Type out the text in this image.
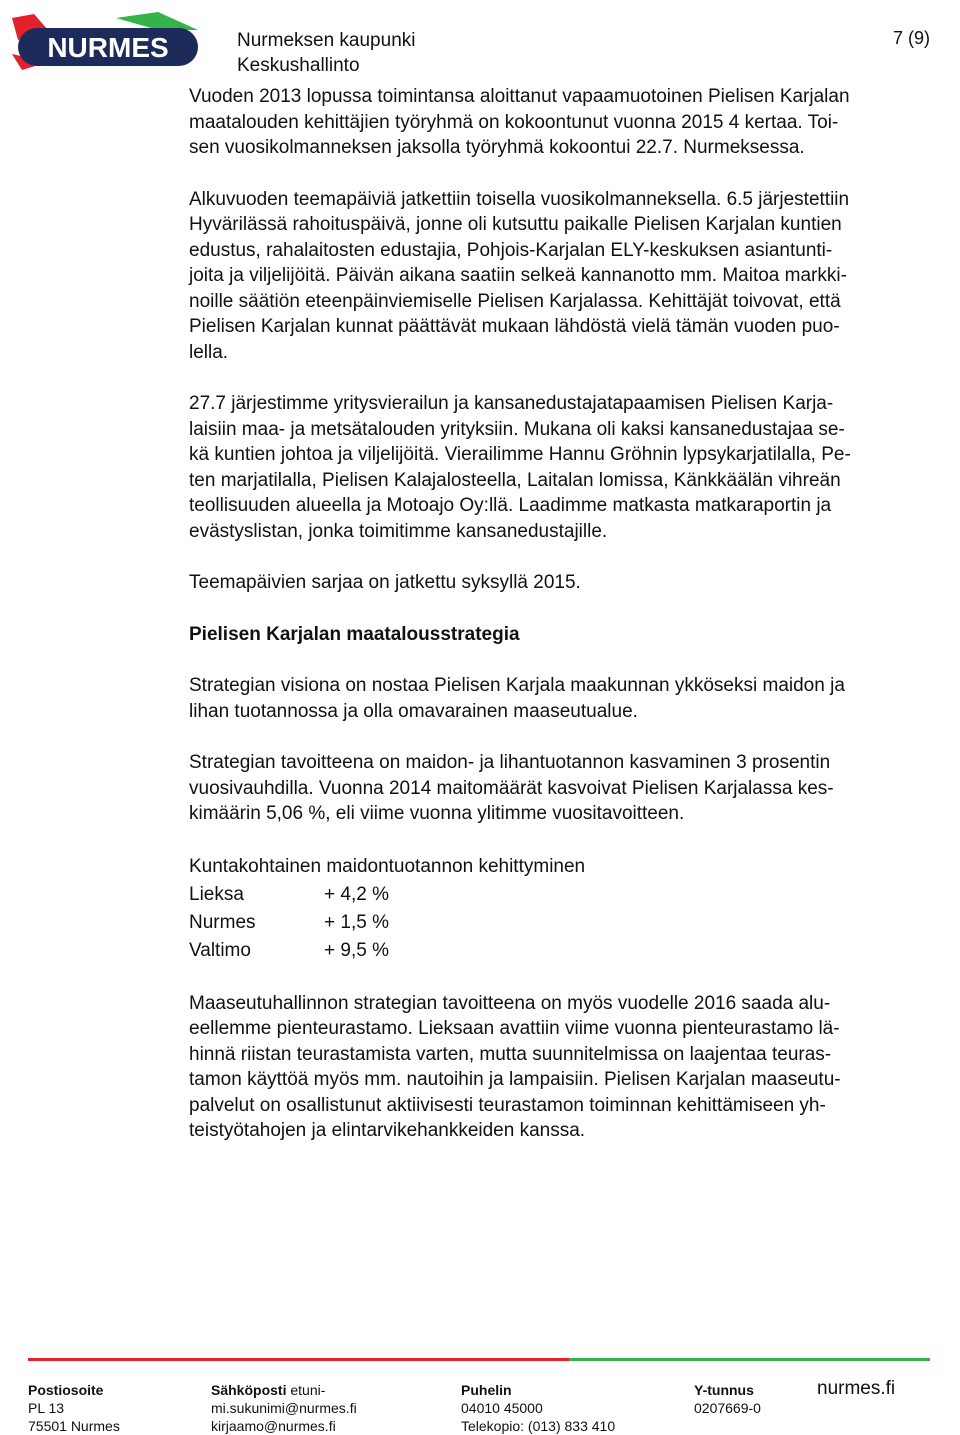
NURMES	Nurmeksen kaupunki
Keskushallinto
7 (9)

Vuoden 2013 lopussa toimintansa aloittanut vapaamuotoinen Pielisen Karjalan
maatalouden kehittäjien työryhmä on kokoontunut vuonna 2015 4 kertaa. Toi-
sen vuosikolmanneksen jaksolla työryhmä kokoontui 22.7. Nurmeksessa.

Alkuvuoden teemapäiviä jatkettiin toisella vuosikolmanneksella. 6.5 järjestettiin
Hyvärilässä rahoituspäivä, jonne oli kutsuttu paikalle Pielisen Karjalan kuntien
edustus, rahalaitosten edustajia, Pohjois-Karjalan ELY-keskuksen asiantunti-
joita ja viljelijöitä. Päivän aikana saatiin selkeä kannanotto mm. Maitoa markki-
noille säätiön eteenpäinviemiselle Pielisen Karjalassa. Kehittäjät toivovat, että
Pielisen Karjalan kunnat päättävät mukaan lähdöstä vielä tämän vuoden puo-
lella.

27.7 järjestimme yritysvierailun ja kansanedustajatapaamisen Pielisen Karja-
laisiin maa- ja metsätalouden yrityksiin. Mukana oli kaksi kansanedustajaa se-
kä kuntien johtoa ja viljelijöitä. Vierailimme Hannu Gröhnin lypsykarjatilalla, Pe-
ten marjatilalla, Pielisen Kalajalosteella, Laitalan lomissa, Känkkäälän vihreän
teollisuuden alueella ja Motoajo Oy:llä. Laadimme matkasta matkaraportin ja
evästyslistan, jonka toimitimme kansanedustajille.

Teemapäivien sarjaa on jatkettu syksyllä 2015.

Pielisen Karjalan maatalousstrategia

Strategian visiona on nostaa Pielisen Karjala maakunnan ykköseksi maidon ja
lihan tuotannossa ja olla omavarainen maaseutualue.

Strategian tavoitteena on maidon- ja lihantuotannon kasvaminen 3 prosentin
vuosivauhdilla. Vuonna 2014 maitomäärät kasvoivat Pielisen Karjalassa kes-
kimäärin 5,06 %, eli viime vuonna ylitimme vuositavoitteen.

Kuntakohtainen maidontuotannon kehittyminen

Lieksa	+ 4,2 %
Nurmes	+ 1,5 %
Valtimo	+ 9,5 %

Maaseutuhallinnon strategian tavoitteena on myös vuodelle 2016 saada alu-
eellemme pienteurastamo. Lieksaan avattiin viime vuonna pienteurastamo lä-
hinnä riistan teurastamista varten, mutta suunnitelmissa on laajentaa teuras-
tamon käyttöä myös mm. nautoihin ja lampaisiin. Pielisen Karjalan maaseutu-
palvelut on osallistunut aktiivisesti teurastamon toiminnan kehittämiseen yh-
teistyötahojen ja elintarvikehankkeiden kanssa.

Postiosoite
PL 13
75501 Nurmes
Sähköposti etuni-
mi.sukunimi@nurmes.fi
kirjaamo@nurmes.fi
Puhelin
04010 45000
Telekopio: (013) 833 410
Y-tunnus
0207669-0
nurmes.fi
